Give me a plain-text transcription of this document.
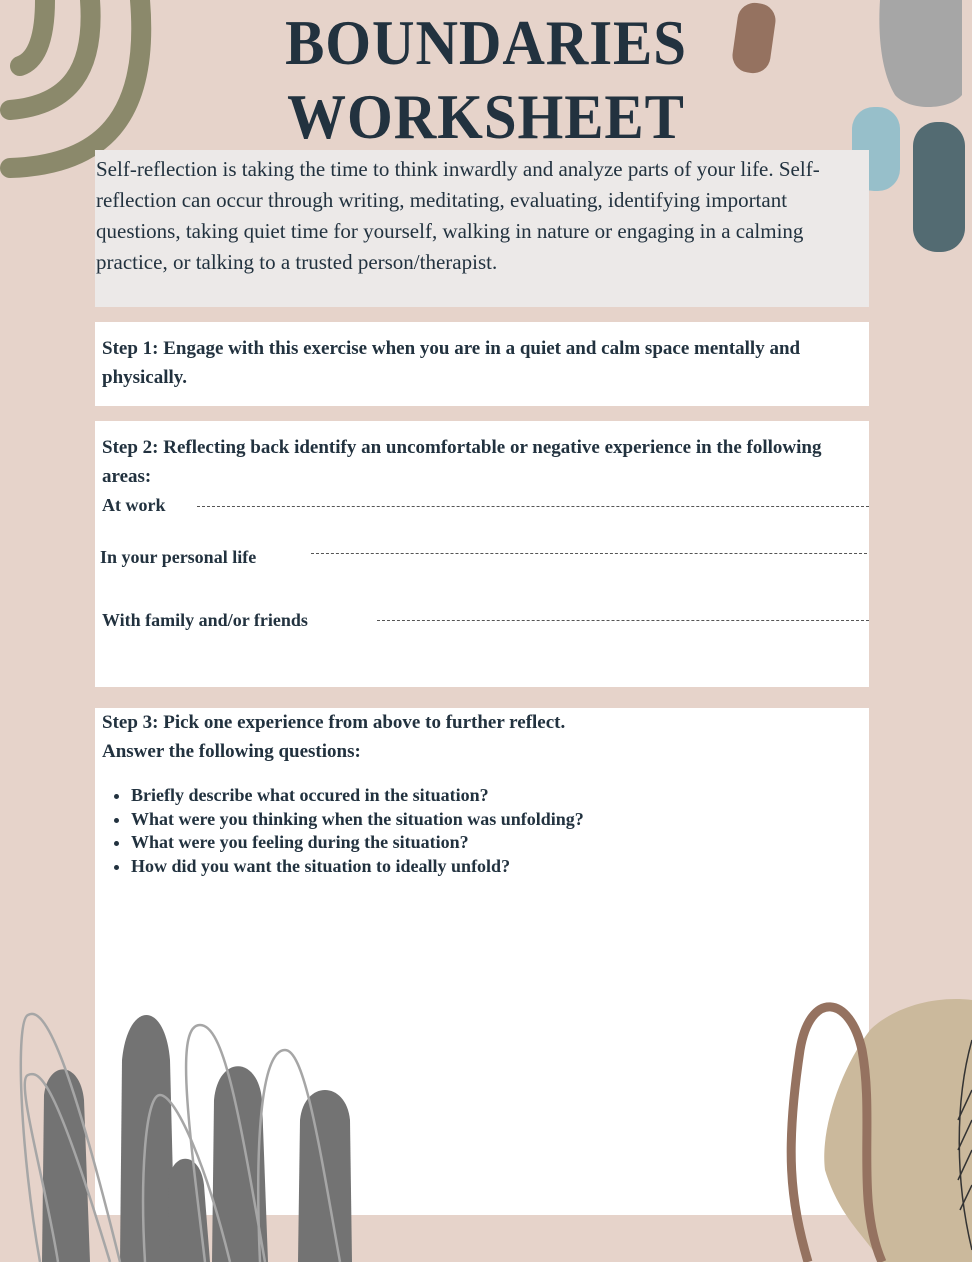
BOUNDARIES
WORKSHEET
Self-reflection is taking the time to think inwardly and analyze parts of your life. Self-reflection can occur through writing, meditating, evaluating, identifying important questions, taking quiet time for yourself, walking in nature or engaging in a calming practice, or talking to a trusted person/therapist.
Step 1: Engage with this exercise when you are in a quiet and calm space mentally and physically.
Step 2: Reflecting back identify an uncomfortable or negative experience in the following areas:
At work
In your personal life
With family and/or friends
Step 3: Pick one experience from above to further reflect.
Answer the following questions:
• Briefly describe what occured in the situation?
• What were you thinking when the situation was unfolding?
• What were you feeling during the situation?
• How did you want the situation to ideally unfold?
